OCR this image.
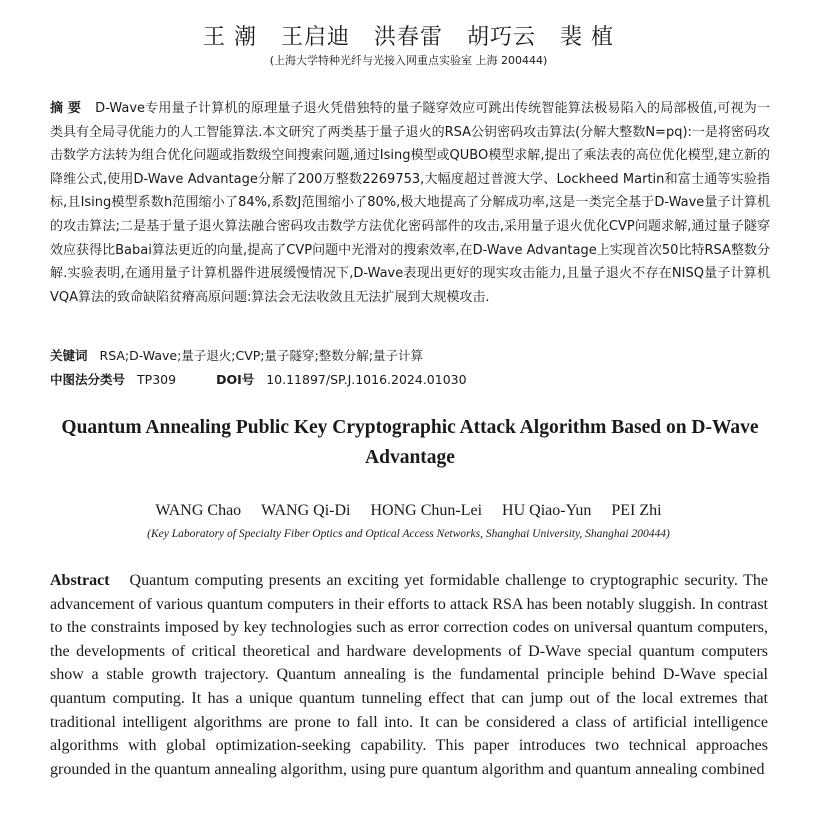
王 潮 王启迪 洪春雷 胡巧云 裴 植
(上海大学特种光纤与光接入网重点实验室 上海 200444)
摘 要 D-Wave专用量子计算机的原理量子退火凭借独特的量子隧穿效应可跳出传统智能算法极易陷入的局部极值,可视为一类具有全局寻优能力的人工智能算法.本文研究了两类基于量子退火的RSA公钥密码攻击算法(分解大整数N=pq):一是将密码攻击数学方法转为组合优化问题或指数级空间搜索问题,通过Ising模型或QUBO模型求解,提出了乘法表的高位优化模型,建立新的降维公式,使用D-Wave Advantage分解了200万整数2269753,大幅度超过普渡大学、Lockheed Martin和富士通等实验指标,且Ising模型系数h范围缩小了84%,系数J范围缩小了80%,极大地提高了分解成功率,这是一类完全基于D-Wave量子计算机的攻击算法;二是基于量子退火算法融合密码攻击数学方法优化密码部件的攻击,采用量子退火优化CVP问题求解,通过量子隧穿效应获得比Babai算法更近的向量,提高了CVP问题中光滑对的搜索效率,在D-Wave Advantage上实现首次50比特RSA整数分解.实验表明,在通用量子计算机器件进展缓慢情况下,D-Wave表现出更好的现实攻击能力,且量子退火不存在NISQ量子计算机VQA算法的致命缺陷贫瘠高原问题:算法会无法收敛且无法扩展到大规模攻击.
关键词 RSA;D-Wave;量子退火;CVP;量子隧穿;整数分解;量子计算
中图法分类号 TP309	DOI号 10.11897/SP.J.1016.2024.01030
Quantum Annealing Public Key Cryptographic Attack Algorithm Based on D-Wave Advantage
WANG Chao WANG Qi-Di HONG Chun-Lei HU Qiao-Yun PEI Zhi
(Key Laboratory of Specialty Fiber Optics and Optical Access Networks, Shanghai University, Shanghai 200444)
Abstract Quantum computing presents an exciting yet formidable challenge to cryptographic security. The advancement of various quantum computers in their efforts to attack RSA has been notably sluggish. In contrast to the constraints imposed by key technologies such as error correction codes on universal quantum computers, the developments of critical theoretical and hardware developments of D-Wave special quantum computers show a stable growth trajectory. Quantum annealing is the fundamental principle behind D-Wave special quantum computing. It has a unique quantum tunneling effect that can jump out of the local extremes that traditional intelligent algorithms are prone to fall into. It can be considered a class of artificial intelligence algorithms with global optimization-seeking capability. This paper introduces two technical approaches grounded in the quantum annealing algorithm, using pure quantum algorithm and quantum annealing combined
